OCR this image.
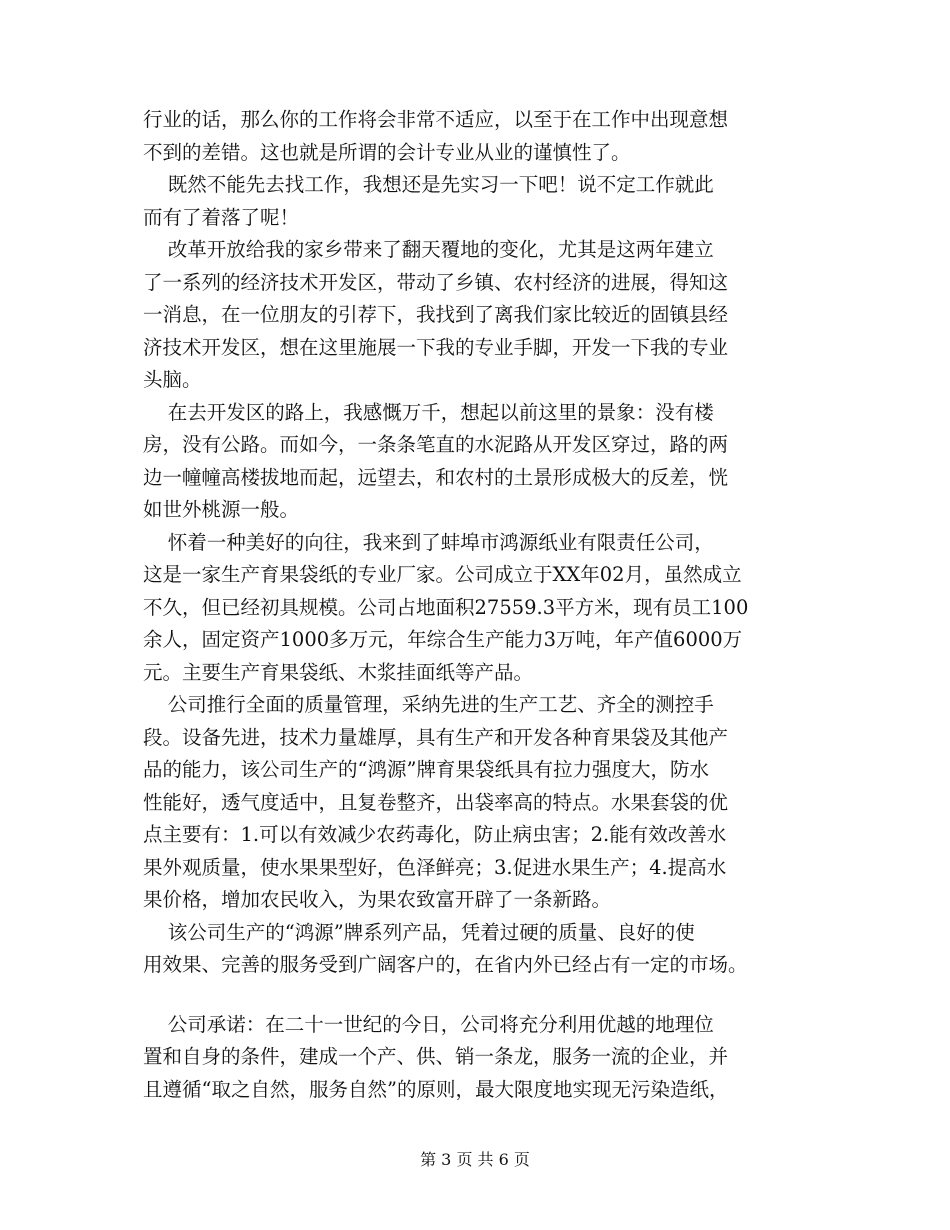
行业的话，那么你的工作将会非常不适应，以至于在工作中出现意想
不到的差错。这也就是所谓的会计专业从业的谨慎性了。
既然不能先去找工作，我想还是先实习一下吧！说不定工作就此
而有了着落了呢！
改革开放给我的家乡带来了翻天覆地的变化，尤其是这两年建立
了一系列的经济技术开发区，带动了乡镇、农村经济的进展，得知这
一消息，在一位朋友的引荐下，我找到了离我们家比较近的固镇县经
济技术开发区，想在这里施展一下我的专业手脚，开发一下我的专业
头脑。
在去开发区的路上，我感慨万千，想起以前这里的景象：没有楼
房，没有公路。而如今，一条条笔直的水泥路从开发区穿过，路的两
边一幢幢高楼拔地而起，远望去，和农村的土景形成极大的反差，恍
如世外桃源一般。
怀着一种美好的向往，我来到了蚌埠市鸿源纸业有限责任公司，
这是一家生产育果袋纸的专业厂家。公司成立于XX年02月，虽然成立
不久，但已经初具规模。公司占地面积27559.3平方米，现有员工100
余人，固定资产1000多万元，年综合生产能力3万吨，年产值6000万
元。主要生产育果袋纸、木浆挂面纸等产品。
公司推行全面的质量管理，采纳先进的生产工艺、齐全的测控手
段。设备先进，技术力量雄厚，具有生产和开发各种育果袋及其他产
品的能力，该公司生产的“鸿源”牌育果袋纸具有拉力强度大，防水
性能好，透气度适中，且复卷整齐，出袋率高的特点。水果套袋的优
点主要有：1.可以有效减少农药毒化，防止病虫害；2.能有效改善水
果外观质量，使水果果型好，色泽鲜亮；3.促进水果生产；4.提高水
果价格，增加农民收入，为果农致富开辟了一条新路。
该公司生产的“鸿源”牌系列产品，凭着过硬的质量、良好的使
用效果、完善的服务受到广阔客户的，在省内外已经占有一定的市场。
公司承诺：在二十一世纪的今日，公司将充分利用优越的地理位
置和自身的条件，建成一个产、供、销一条龙，服务一流的企业，并
且遵循“取之自然，服务自然”的原则，最大限度地实现无污染造纸，
第 3 页 共 6 页
